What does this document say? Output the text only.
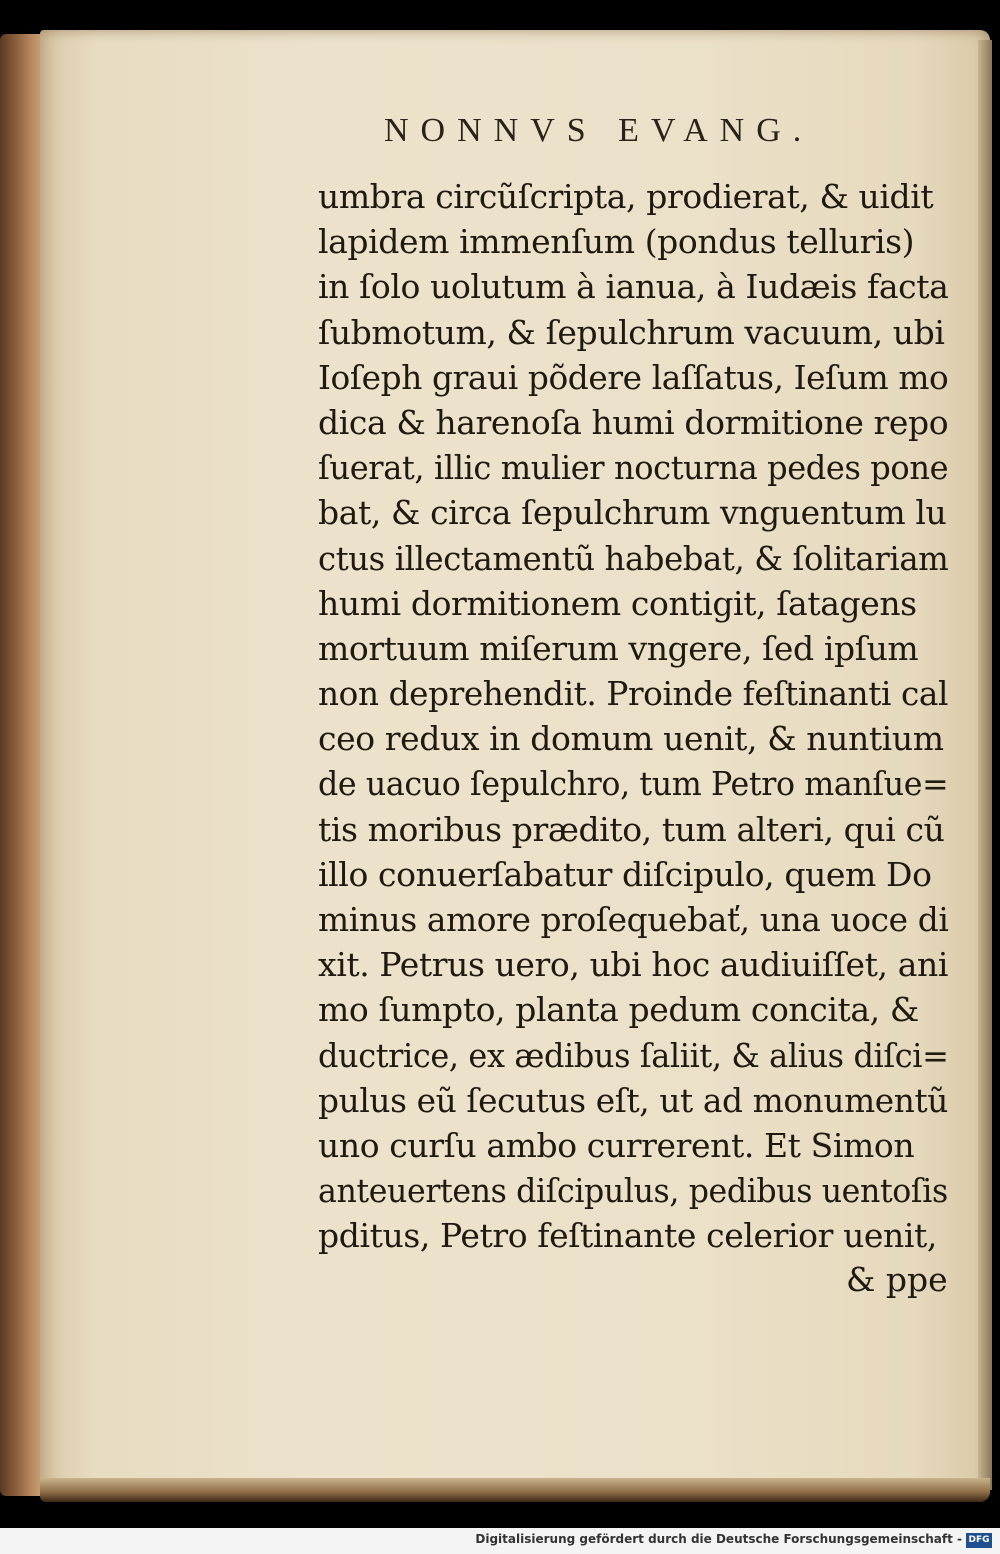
NONNVS EVANG.
umbra circũſcripta, prodierat, & uidit
lapidem immenſum (pondus telluris)
in ſolo uolutum à ianua, à Iudæis facta
ſubmotum, & ſepulchrum vacuum, ubi
Ioſeph graui põdere laſſatus, Ieſum mo
dica & harenoſa humi dormitione repo
ſuerat, illic mulier nocturna pedes pone
bat, & circa ſepulchrum vnguentum lu
ctus illectamentũ habebat, & ſolitariam
humi dormitionem contigit, ſatagens
mortuum miſerum vngere, ſed ipſum
non deprehendit. Proinde feſtinanti cal
ceo redux in domum uenit, & nuntium
de uacuo ſepulchro, tum Petro manſue=
tis moribus prædito, tum alteri, qui cũ
illo conuerſabatur diſcipulo, quem Do
minus amore proſequebať, una uoce di
xit. Petrus uero, ubi hoc audiuiſſet, ani
mo ſumpto, planta pedum concita, &
ductrice, ex ædibus ſaliit, & alius diſci=
pulus eũ ſecutus eſt, ut ad monumentũ
uno curſu ambo currerent. Et Simon
anteuertens diſcipulus, pedibus uentoſis
pditus, Petro feſtinante celerior uenit,
& ppe
Digitalisierung gefördert durch die Deutsche Forschungsgemeinschaft - DFG
